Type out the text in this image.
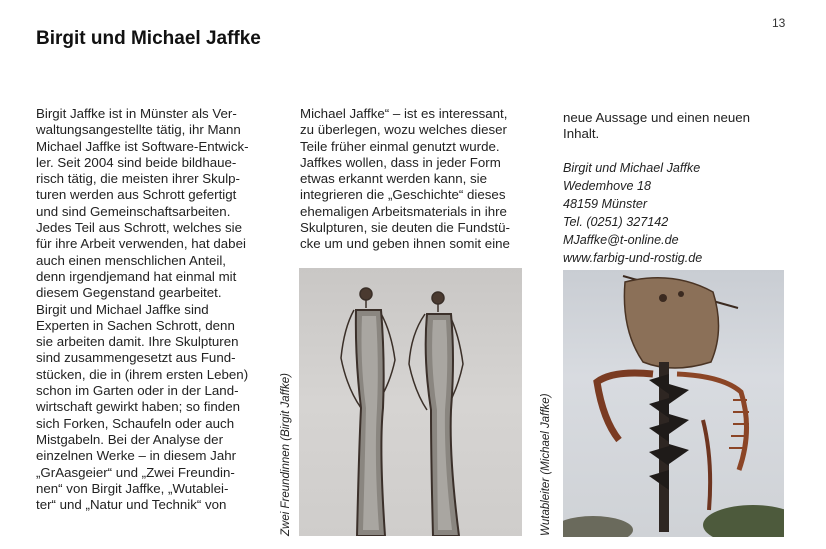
13
Birgit und Michael Jaffke
Birgit Jaffke ist in Münster als Ver-
waltungsangestellte tätig, ihr Mann
Michael Jaffke ist Software-Entwick-
ler. Seit 2004 sind beide bildhaue-
risch tätig, die meisten ihrer Skulp-
turen werden aus Schrott gefertigt
und sind Gemeinschaftsarbeiten.
Jedes Teil aus Schrott, welches sie
für ihre Arbeit verwenden, hat dabei
auch einen menschlichen Anteil,
denn irgendjemand hat einmal mit
diesem Gegenstand gearbeitet.
Birgit und Michael Jaffke sind
Experten in Sachen Schrott, denn
sie arbeiten damit. Ihre Skulpturen
sind zusammengesetzt aus Fund-
stücken, die in (ihrem ersten Leben)
schon im Garten oder in der Land-
wirtschaft gewirkt haben; so finden
sich Forken, Schaufeln oder auch
Mistgabeln. Bei der Analyse der
einzelnen Werke – in diesem Jahr
„GrAasgeier“ und „Zwei Freundin-
nen“ von Birgit Jaffke, „Wutablei-
ter“ und „Natur und Technik“ von
Michael Jaffke“ – ist es interessant,
zu überlegen, wozu welches dieser
Teile früher einmal genutzt wurde.
Jaffkes wollen, dass in jeder Form
etwas erkannt werden kann, sie
integrieren die „Geschichte“ dieses
ehemaligen Arbeitsmaterials in ihre
Skulpturen, sie deuten die Fundstü-
cke um und geben ihnen somit eine
neue Aussage und einen neuen
Inhalt.
Birgit und Michael Jaffke
Wedemhove 18
48159 Münster
Tel. (0251) 327142
MJaffke@t-online.de
www.farbig-und-rostig.de
Zwei Freundinnen (Birgit Jaffke)	Wutableiter (Michael Jaffke)
